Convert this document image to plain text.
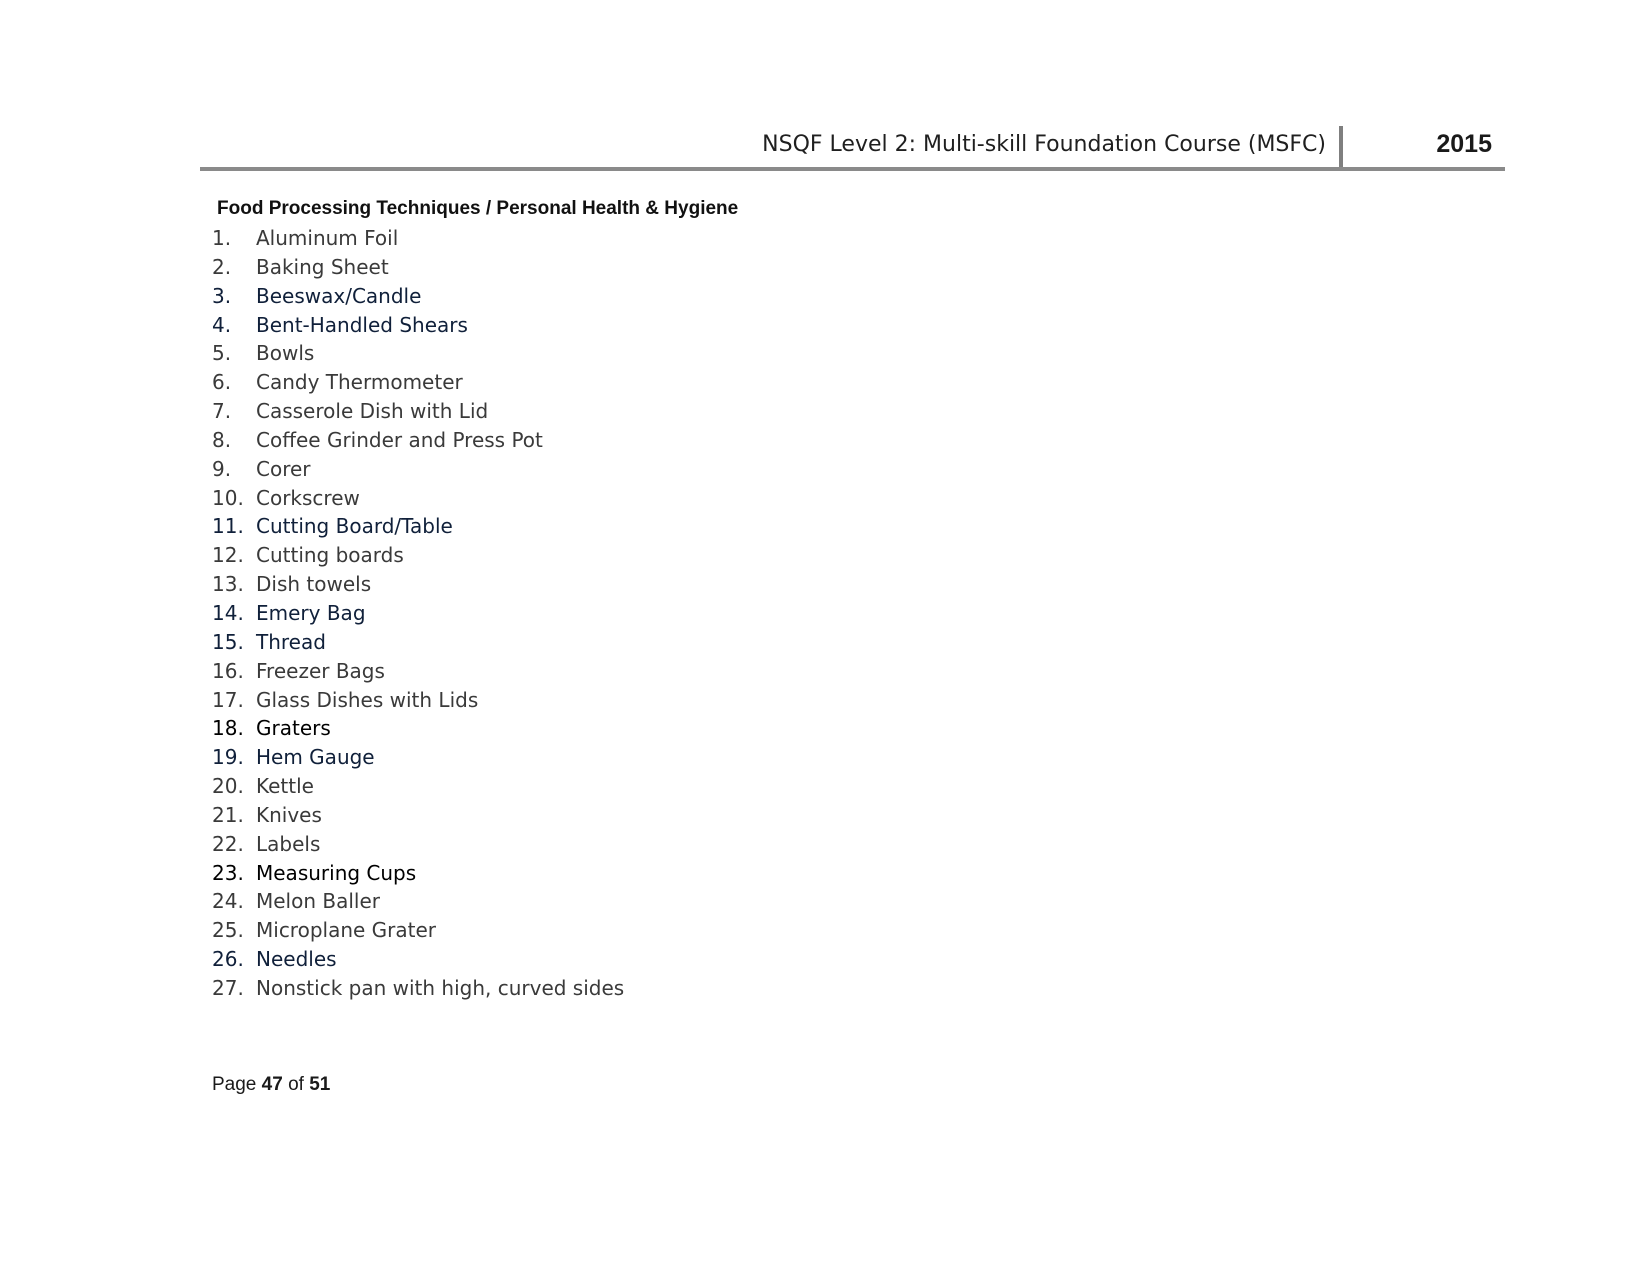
NSQF Level 2: Multi-skill Foundation Course (MSFC)	2015
Food Processing Techniques / Personal Health & Hygiene
1. Aluminum Foil
2. Baking Sheet
3. Beeswax/Candle
4. Bent-Handled Shears
5. Bowls
6. Candy Thermometer
7. Casserole Dish with Lid
8. Coffee Grinder and Press Pot
9. Corer
10. Corkscrew
11. Cutting Board/Table
12. Cutting boards
13. Dish towels
14. Emery Bag
15. Thread
16. Freezer Bags
17. Glass Dishes with Lids
18. Graters
19. Hem Gauge
20. Kettle
21. Knives
22. Labels
23. Measuring Cups
24. Melon Baller
25. Microplane Grater
26. Needles
27. Nonstick pan with high, curved sides
Page 47 of 51
